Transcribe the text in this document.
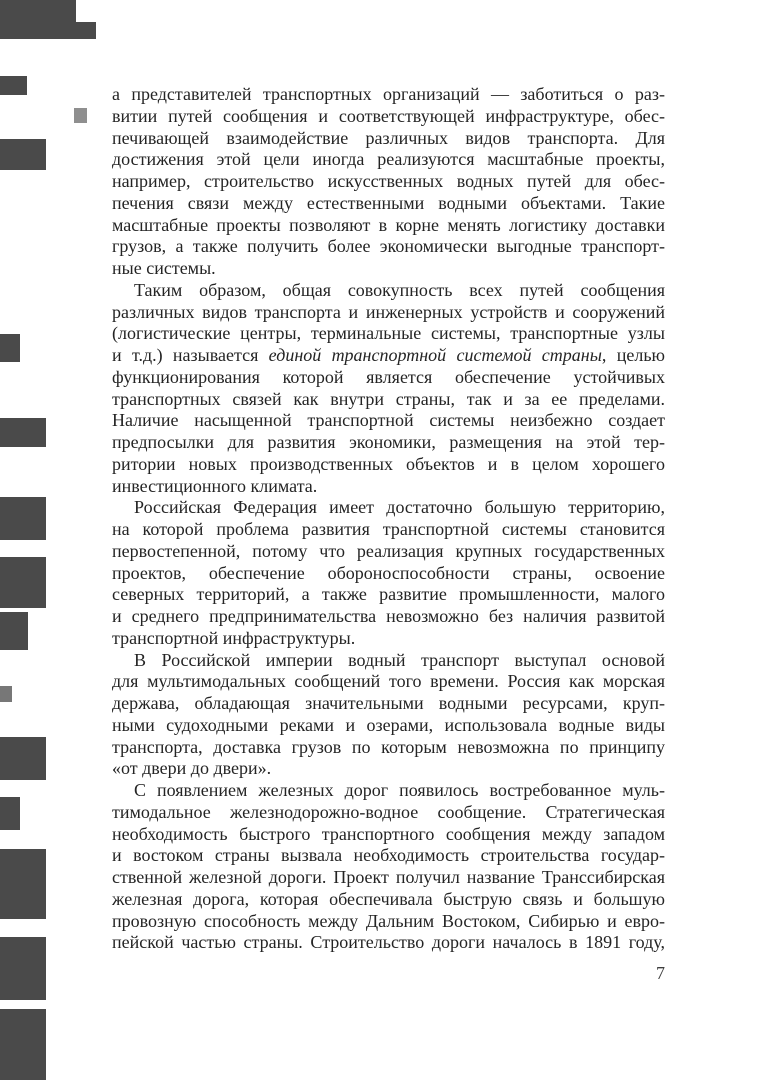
а представителей транспортных организаций — заботиться о раз-
витии путей сообщения и соответствующей инфраструктуре, обес-
печивающей взаимодействие различных видов транспорта. Для
достижения этой цели иногда реализуются масштабные проекты,
например, строительство искусственных водных путей для обес-
печения связи между естественными водными объектами. Такие
масштабные проекты позволяют в корне менять логистику доставки
грузов, а также получить более экономически выгодные транспорт-
ные системы.
Таким образом, общая совокупность всех путей сообщения
различных видов транспорта и инженерных устройств и сооружений
(логистические центры, терминальные системы, транспортные узлы
и т.д.) называется единой транспортной системой страны, целью
функционирования которой является обеспечение устойчивых
транспортных связей как внутри страны, так и за ее пределами.
Наличие насыщенной транспортной системы неизбежно создает
предпосылки для развития экономики, размещения на этой тер-
ритории новых производственных объектов и в целом хорошего
инвестиционного климата.
Российская Федерация имеет достаточно большую территорию,
на которой проблема развития транспортной системы становится
первостепенной, потому что реализация крупных государственных
проектов, обеспечение обороноспособности страны, освоение
северных территорий, а также развитие промышленности, малого
и среднего предпринимательства невозможно без наличия развитой
транспортной инфраструктуры.
В Российской империи водный транспорт выступал основой
для мультимодальных сообщений того времени. Россия как морская
держава, обладающая значительными водными ресурсами, круп-
ными судоходными реками и озерами, использовала водные виды
транспорта, доставка грузов по которым невозможна по принципу
«от двери до двери».
С появлением железных дорог появилось востребованное муль-
тимодальное железнодорожно-водное сообщение. Стратегическая
необходимость быстрого транспортного сообщения между западом
и востоком страны вызвала необходимость строительства государ-
ственной железной дороги. Проект получил название Транссибирская
железная дорога, которая обеспечивала быструю связь и большую
провозную способность между Дальним Востоком, Сибирью и евро-
пейской частью страны. Строительство дороги началось в 1891 году,
7
